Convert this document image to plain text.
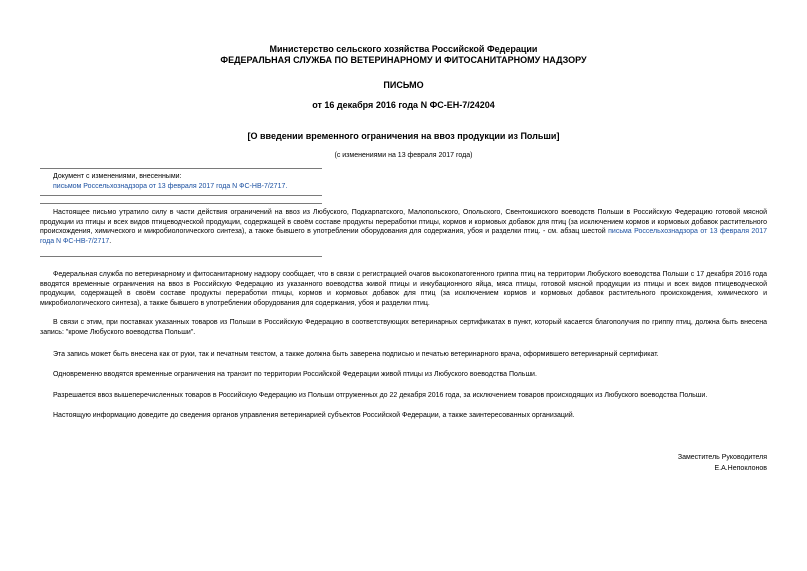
Министерство сельского хозяйства Российской Федерации
ФЕДЕРАЛЬНАЯ СЛУЖБА ПО ВЕТЕРИНАРНОМУ И ФИТОСАНИТАРНОМУ НАДЗОРУ
ПИСЬМО
от 16 декабря 2016 года N ФС-ЕН-7/24204
[О введении временного ограничения на ввоз продукции из Польши]
(с изменениями на 13 февраля 2017 года)
Документ с изменениями, внесенными:
письмом Россельхознадзора от 13 февраля 2017 года N ФС-НВ-7/2717.
Настоящее письмо утратило силу в части действия ограничений на ввоз из Любуского, Подкарпатского, Малопольского, Опольского, Свентокшиского воеводств Польши в Российскую Федерацию готовой мясной продукции из птицы и всех видов птицеводческой продукции, содержащей в своём составе продукты переработки птицы, кормов и кормовых добавок для птиц (за исключением кормов и кормовых добавок растительного происхождения, химического и микробиологического синтеза), а также бывшего в употреблении оборудования для содержания, убоя и разделки птиц. - см. абзац шестой письма Россельхознадзора от 13 февраля 2017 года N ФС-НВ-7/2717.
Федеральная служба по ветеринарному и фитосанитарному надзору сообщает, что в связи с регистрацией очагов высокопатогенного гриппа птиц на территории Любуского воеводства Польши с 17 декабря 2016 года вводятся временные ограничения на ввоз в Российскую Федерацию из указанного воеводства живой птицы и инкубационного яйца, мяса птицы, готовой мясной продукции из птицы и всех видов птицеводческой продукции, содержащей в своём составе продукты переработки птицы, кормов и кормовых добавок для птиц (за исключением кормов и кормовых добавок растительного происхождения, химического и микробиологического синтеза), а также бывшего в употреблении оборудования для содержания, убоя и разделки птиц.
В связи с этим, при поставках указанных товаров из Польши в Российскую Федерацию в соответствующих ветеринарных сертификатах в пункт, который касается благополучия по гриппу птиц, должна быть внесена запись: "кроме Любуского воеводства Польши".
Эта запись может быть внесена как от руки, так и печатным текстом, а также должна быть заверена подписью и печатью ветеринарного врача, оформившего ветеринарный сертификат.
Одновременно вводятся временные ограничения на транзит по территории Российской Федерации живой птицы из Любуского воеводства Польши.
Разрешается ввоз вышеперечисленных товаров в Российскую Федерацию из Польши отгруженных до 22 декабря 2016 года, за исключением товаров происходящих из Любуского воеводства Польши.
Настоящую информацию доведите до сведения органов управления ветеринарией субъектов Российской Федерации, а также заинтересованных организаций.
Заместитель Руководителя
Е.А.Непоклонов
